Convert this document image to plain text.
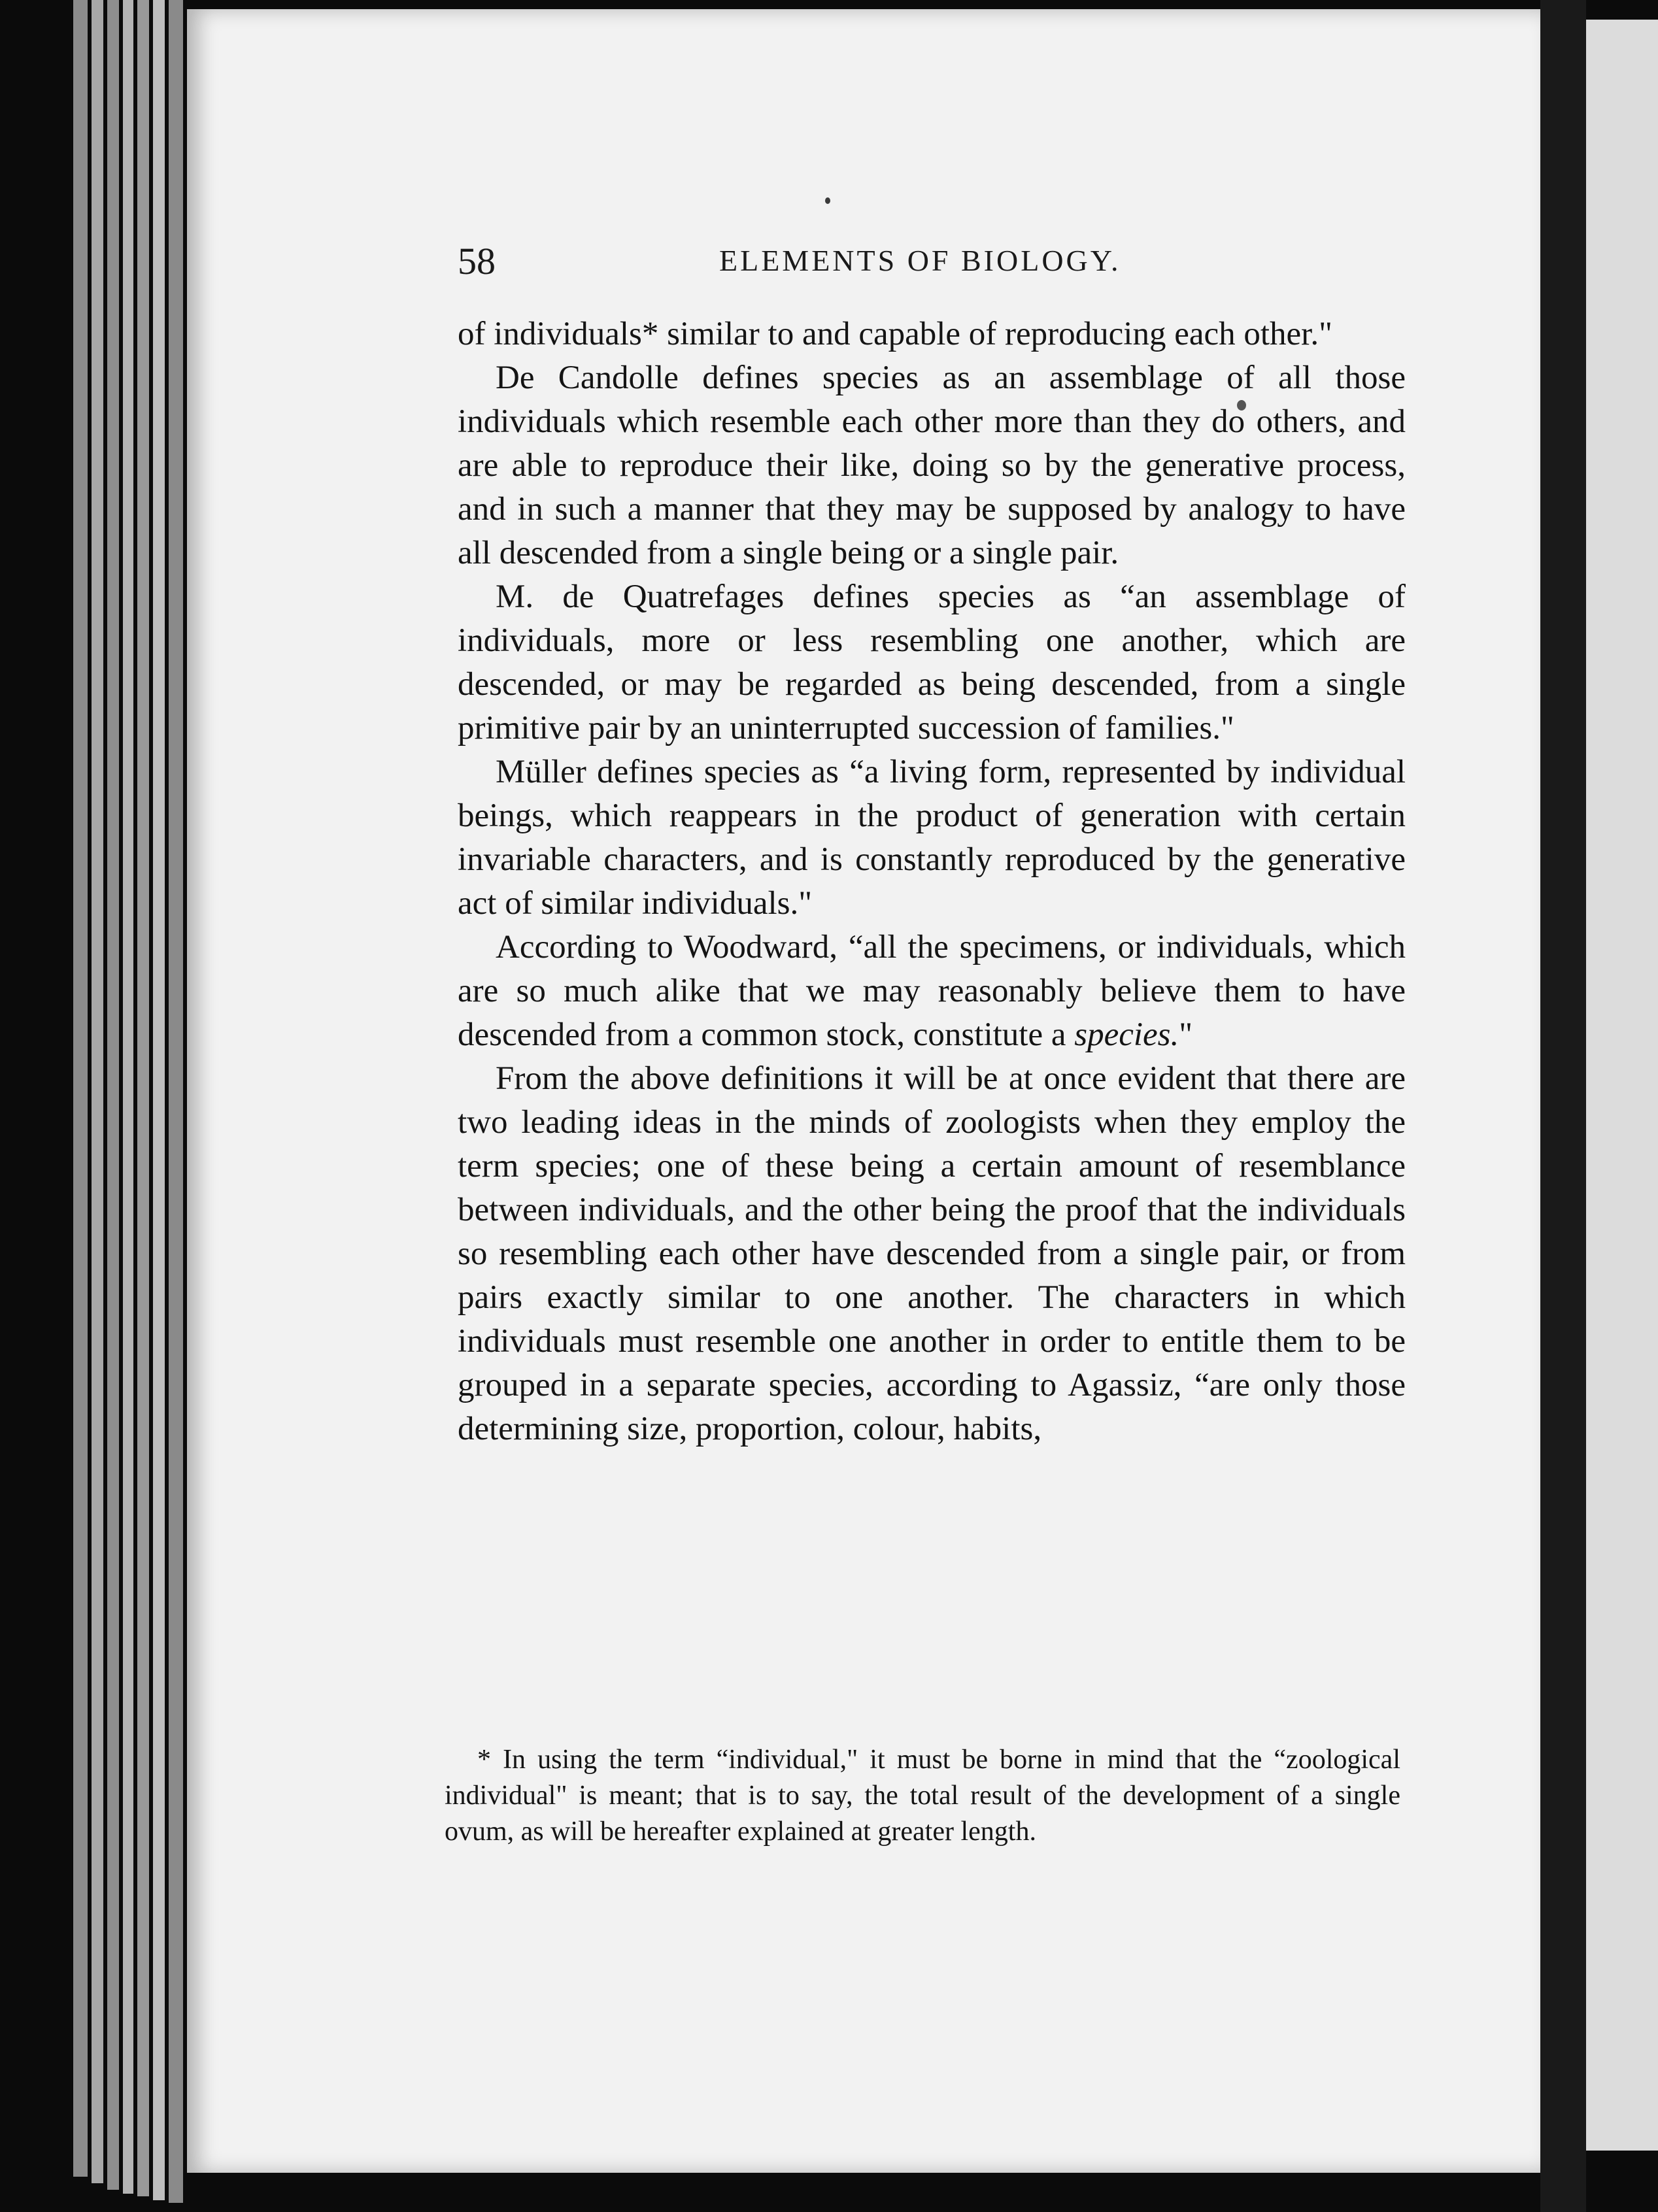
58	ELEMENTS OF BIOLOGY.

of individuals* similar to and capable of reproducing each other."

De Candolle defines species as an assemblage of all those individuals which resemble each other more than they do others, and are able to reproduce their like, doing so by the generative process, and in such a manner that they may be supposed by analogy to have all descended from a single being or a single pair.

M. de Quatrefages defines species as “an assemblage of individuals, more or less resembling one another, which are descended, or may be regarded as being descended, from a single primitive pair by an uninterrupted succession of families."

Müller defines species as “a living form, represented by individual beings, which reappears in the product of generation with certain invariable characters, and is constantly reproduced by the generative act of similar individuals."

According to Woodward, “all the specimens, or individuals, which are so much alike that we may reasonably believe them to have descended from a common stock, constitute a species."

From the above definitions it will be at once evident that there are two leading ideas in the minds of zoologists when they employ the term species; one of these being a certain amount of resemblance between individuals, and the other being the proof that the individuals so resembling each other have descended from a single pair, or from pairs exactly similar to one another. The characters in which individuals must resemble one another in order to entitle them to be grouped in a separate species, according to Agassiz, “are only those determining size, proportion, colour, habits,

* In using the term “individual," it must be borne in mind that the “zoological individual" is meant; that is to say, the total result of the development of a single ovum, as will be hereafter explained at greater length.
